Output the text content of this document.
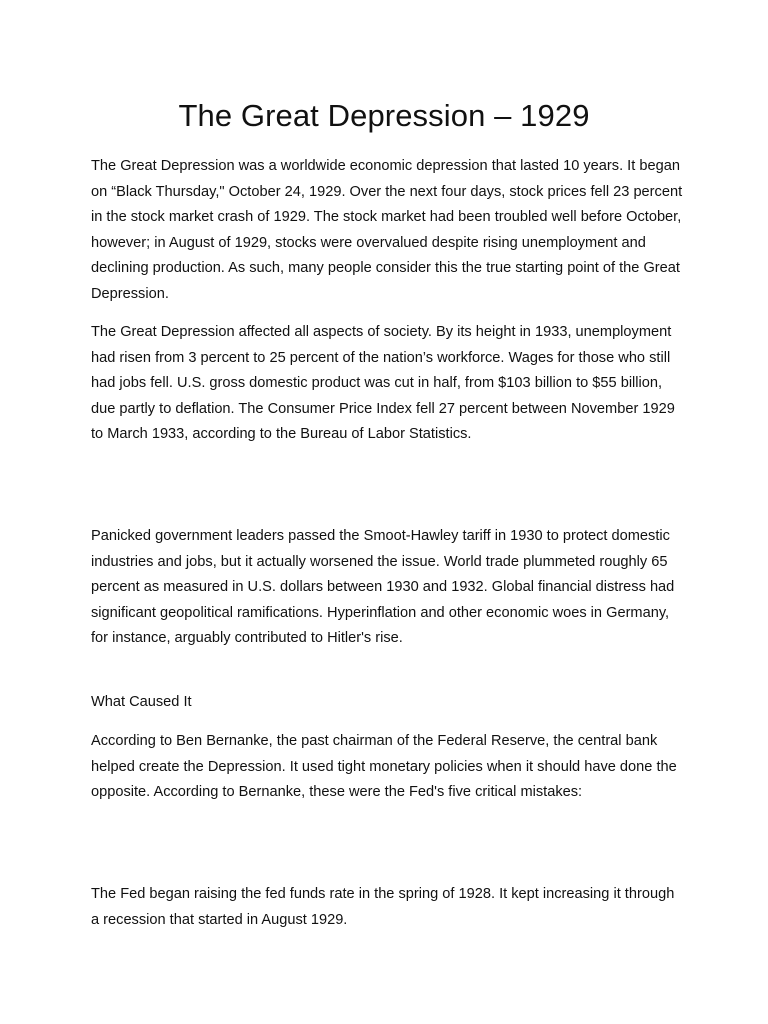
The Great Depression – 1929

The Great Depression was a worldwide economic depression that lasted 10 years. It began on “Black Thursday," October 24, 1929. Over the next four days, stock prices fell 23 percent in the stock market crash of 1929. The stock market had been troubled well before October, however; in August of 1929, stocks were overvalued despite rising unemployment and declining production. As such, many people consider this the true starting point of the Great Depression.

The Great Depression affected all aspects of society. By its height in 1933, unemployment had risen from 3 percent to 25 percent of the nation’s workforce. Wages for those who still had jobs fell. U.S. gross domestic product was cut in half, from $103 billion to $55 billion, due partly to deflation. The Consumer Price Index fell 27 percent between November 1929 to March 1933, according to the Bureau of Labor Statistics.

Panicked government leaders passed the Smoot-Hawley tariff in 1930 to protect domestic industries and jobs, but it actually worsened the issue. World trade plummeted roughly 65 percent as measured in U.S. dollars between 1930 and 1932. Global financial distress had significant geopolitical ramifications. Hyperinflation and other economic woes in Germany, for instance, arguably contributed to Hitler's rise.

What Caused It

According to Ben Bernanke, the past chairman of the Federal Reserve, the central bank helped create the Depression. It used tight monetary policies when it should have done the opposite. According to Bernanke, these were the Fed's five critical mistakes:

The Fed began raising the fed funds rate in the spring of 1928. It kept increasing it through a recession that started in August 1929.
